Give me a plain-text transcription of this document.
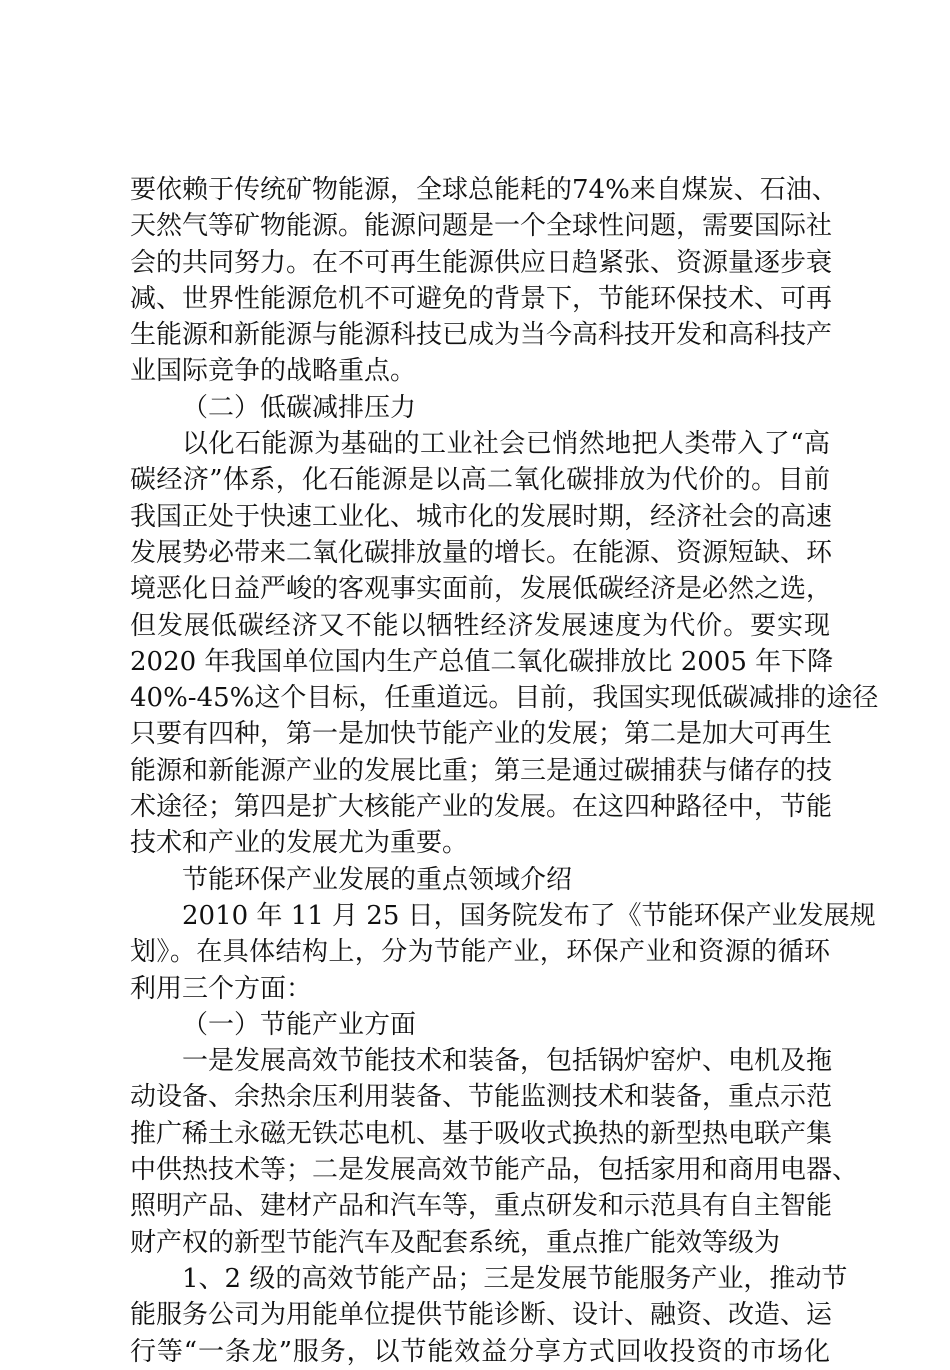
要依赖于传统矿物能源，全球总能耗的74%来自煤炭、石油、
天然气等矿物能源。能源问题是一个全球性问题，需要国际社
会的共同努力。在不可再生能源供应日趋紧张、资源量逐步衰
减、世界性能源危机不可避免的背景下，节能环保技术、可再
生能源和新能源与能源科技已成为当今高科技开发和高科技产
业国际竞争的战略重点。
（二）低碳减排压力
以化石能源为基础的工业社会已悄然地把人类带入了“高
碳经济”体系，化石能源是以高二氧化碳排放为代价的。目前
我国正处于快速工业化、城市化的发展时期，经济社会的高速
发展势必带来二氧化碳排放量的增长。在能源、资源短缺、环
境恶化日益严峻的客观事实面前，发展低碳经济是必然之选，
但发展低碳经济又不能以牺牲经济发展速度为代价。要实现
2020 年我国单位国内生产总值二氧化碳排放比 2005 年下降
40%-45%这个目标，任重道远。目前，我国实现低碳减排的途径
只要有四种，第一是加快节能产业的发展；第二是加大可再生
能源和新能源产业的发展比重；第三是通过碳捕获与储存的技
术途径；第四是扩大核能产业的发展。在这四种路径中，节能
技术和产业的发展尤为重要。
节能环保产业发展的重点领域介绍
2010 年 11 月 25 日，国务院发布了《节能环保产业发展规
划》。在具体结构上，分为节能产业，环保产业和资源的循环
利用三个方面：
（一）节能产业方面
一是发展高效节能技术和装备，包括锅炉窑炉、电机及拖
动设备、余热余压利用装备、节能监测技术和装备，重点示范
推广稀土永磁无铁芯电机、基于吸收式换热的新型热电联产集
中供热技术等；二是发展高效节能产品，包括家用和商用电器、
照明产品、建材产品和汽车等，重点研发和示范具有自主智能
财产权的新型节能汽车及配套系统，重点推广能效等级为
1、2 级的高效节能产品；三是发展节能服务产业，推动节
能服务公司为用能单位提供节能诊断、设计、融资、改造、运
行等“一条龙”服务，以节能效益分享方式回收投资的市场化
